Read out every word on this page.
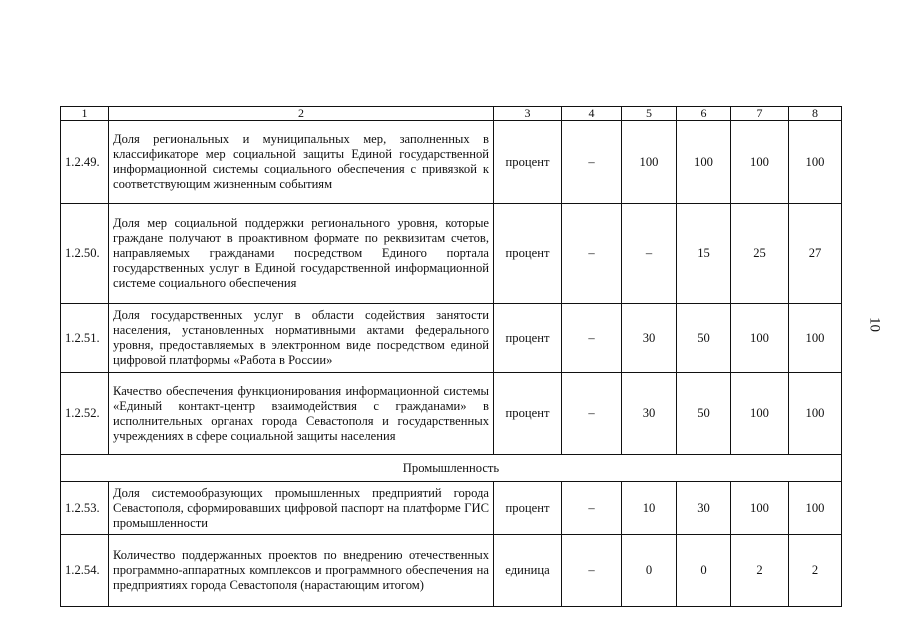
1	2	3	4	5	6	7	8
1.2.49.	Доля региональных и муниципальных мер, заполненных в классификаторе мер социальной защиты Единой государственной информационной системы социального обеспечения с привязкой к соответствующим жизненным событиям	процент	–	100	100	100	100
1.2.50.	Доля мер социальной поддержки регионального уровня, которые граждане получают в проактивном формате по реквизитам счетов, направляемых гражданами посредством Единого портала государственных услуг в Единой государственной информационной системе социального обеспечения	процент	–	–	15	25	27
1.2.51.	Доля государственных услуг в области содействия занятости населения, установленных нормативными актами федерального уровня, предоставляемых в электронном виде посредством единой цифровой платформы «Работа в России»	процент	–	30	50	100	100
1.2.52.	Качество обеспечения функционирования информационной системы «Единый контакт-центр взаимодействия с гражданами» в исполнительных органах города Севастополя и государственных учреждениях в сфере социальной защиты населения	процент	–	30	50	100	100
Промышленность							
1.2.53.	Доля системообразующих промышленных предприятий города Севастополя, сформировавших цифровой паспорт на платформе ГИС промышленности	процент	–	10	30	100	100
1.2.54.	Количество поддержанных проектов по внедрению отечественных программно-аппаратных комплексов и программного обеспечения на предприятиях города Севастополя (нарастающим итогом)	единица	–	0	0	2	2
10
